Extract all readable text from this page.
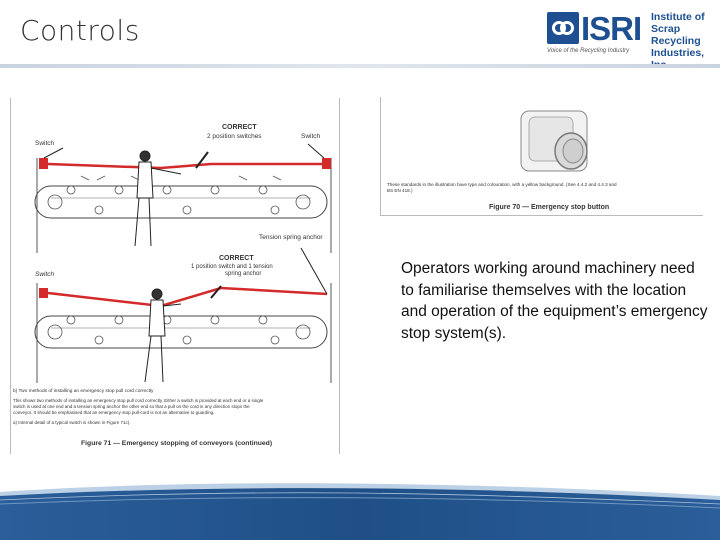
Controls	ISRI Institute of
Scrap Recycling
Industries,
Voice of the Recycling Industry
CORRECT
2 position switches
Switch
Switch
Tension spring anchor
CORRECT
1 position switch and 1 tension
spring anchor
Switch
b) Two methods of installing an emergency stop pull cord correctly
This shows two methods of installing an emergency stop pull cord correctly. Either a switch is provided at each end or a single
switch is used at one end and a tension spring anchor the other end so that a pull on the cord in any direction stops the
conveyor. It should be emphasised that an emergency stop pull-cord is not an alternative to guarding.
a) Internal detail of a typical switch is shown in Figure 71c).
Figure 71 — Emergency stopping of conveyors (continued)
These standards in the illustration have type and colouration, with a yellow background. (See 4.4.2 and 4.4.3 and
BS EN 418.)
Figure 70 — Emergency stop button
Operators working around machinery need to familiarise themselves with the location and operation of the equipment’s emergency stop system(s).
